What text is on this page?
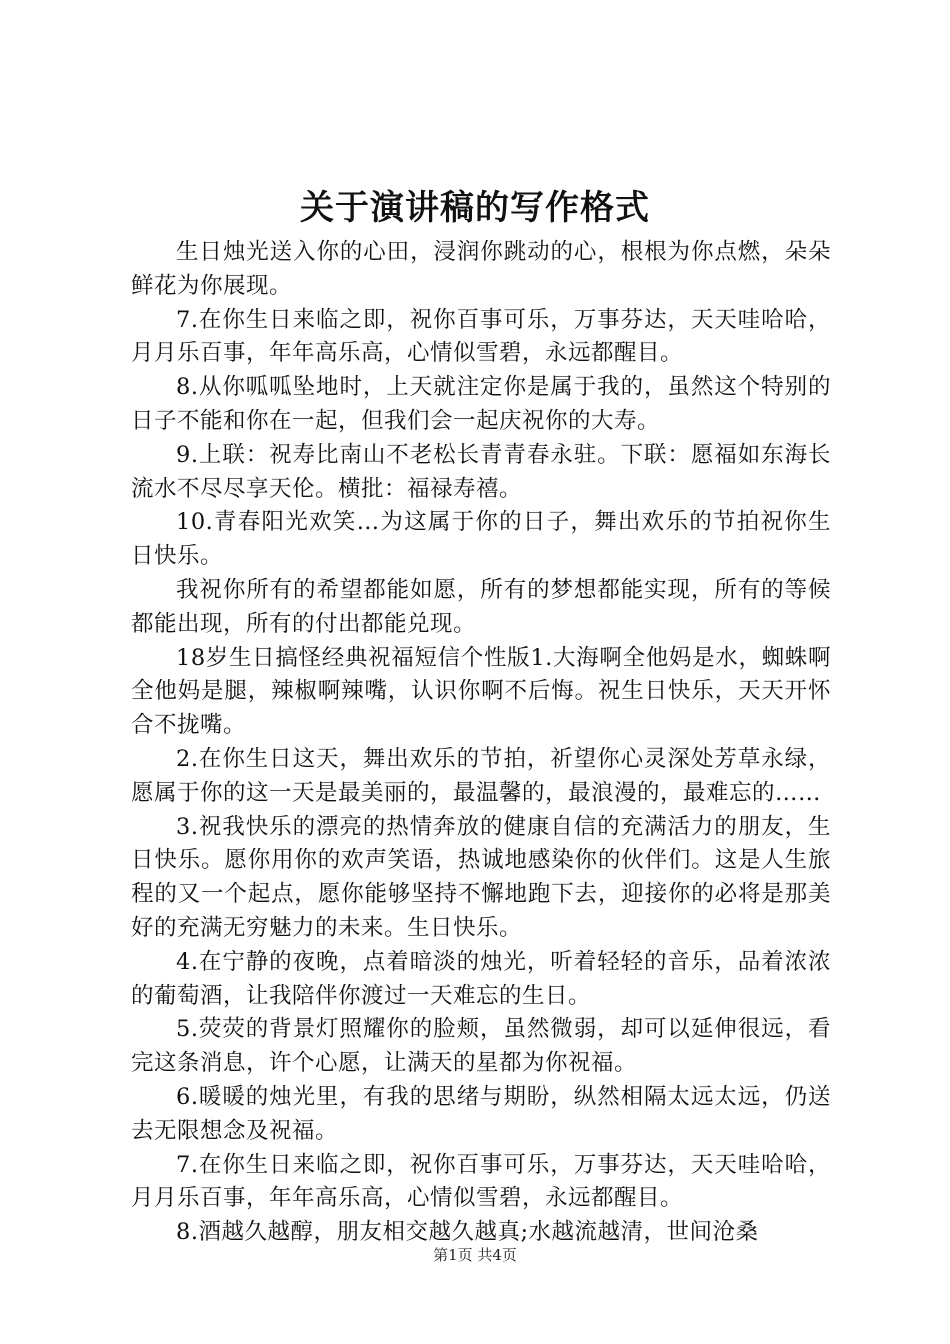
关于演讲稿的写作格式

生日烛光送入你的心田，浸润你跳动的心，根根为你点燃，朵朵鲜花为你展现。

7.在你生日来临之即，祝你百事可乐，万事芬达，天天哇哈哈，月月乐百事，年年高乐高，心情似雪碧，永远都醒目。

8.从你呱呱坠地时，上天就注定你是属于我的，虽然这个特别的日子不能和你在一起，但我们会一起庆祝你的大寿。

9.上联：祝寿比南山不老松长青青春永驻。下联：愿福如东海长流水不尽尽享天伦。横批：福禄寿禧。

10.青春阳光欢笑…为这属于你的日子，舞出欢乐的节拍祝你生日快乐。

我祝你所有的希望都能如愿，所有的梦想都能实现，所有的等候都能出现，所有的付出都能兑现。

18岁生日搞怪经典祝福短信个性版1.大海啊全他妈是水，蜘蛛啊全他妈是腿，辣椒啊辣嘴，认识你啊不后悔。祝生日快乐，天天开怀合不拢嘴。

2.在你生日这天，舞出欢乐的节拍，祈望你心灵深处芳草永绿，愿属于你的这一天是最美丽的，最温馨的，最浪漫的，最难忘的……

3.祝我快乐的漂亮的热情奔放的健康自信的充满活力的朋友，生日快乐。愿你用你的欢声笑语，热诚地感染你的伙伴们。这是人生旅程的又一个起点，愿你能够坚持不懈地跑下去，迎接你的必将是那美好的充满无穷魅力的未来。生日快乐。

4.在宁静的夜晚，点着暗淡的烛光，听着轻轻的音乐，品着浓浓的葡萄酒，让我陪伴你渡过一天难忘的生日。

5.荧荧的背景灯照耀你的脸颊，虽然微弱，却可以延伸很远，看完这条消息，许个心愿，让满天的星都为你祝福。

6.暖暖的烛光里，有我的思绪与期盼，纵然相隔太远太远，仍送去无限想念及祝福。

7.在你生日来临之即，祝你百事可乐，万事芬达，天天哇哈哈，月月乐百事，年年高乐高，心情似雪碧，永远都醒目。

8.酒越久越醇，朋友相交越久越真;水越流越清，世间沧桑

第1页 共4页
